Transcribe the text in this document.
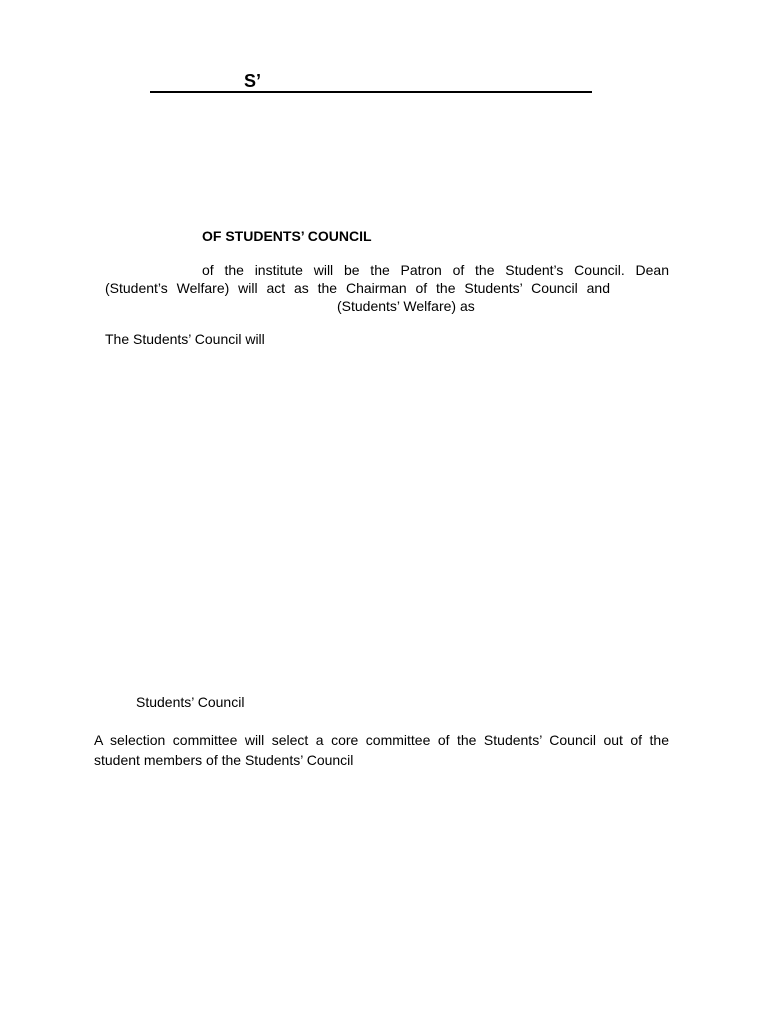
S’
OF STUDENTS’ COUNCIL
of the institute will be the Patron of the Student’s Council. Dean
(Student’s Welfare) will act as the Chairman of the Students’ Council and
(Students’ Welfare) as
The Students’ Council will
Students’ Council
A selection committee will select a core committee of the Students’ Council out of the
student members of the Students’ Council
